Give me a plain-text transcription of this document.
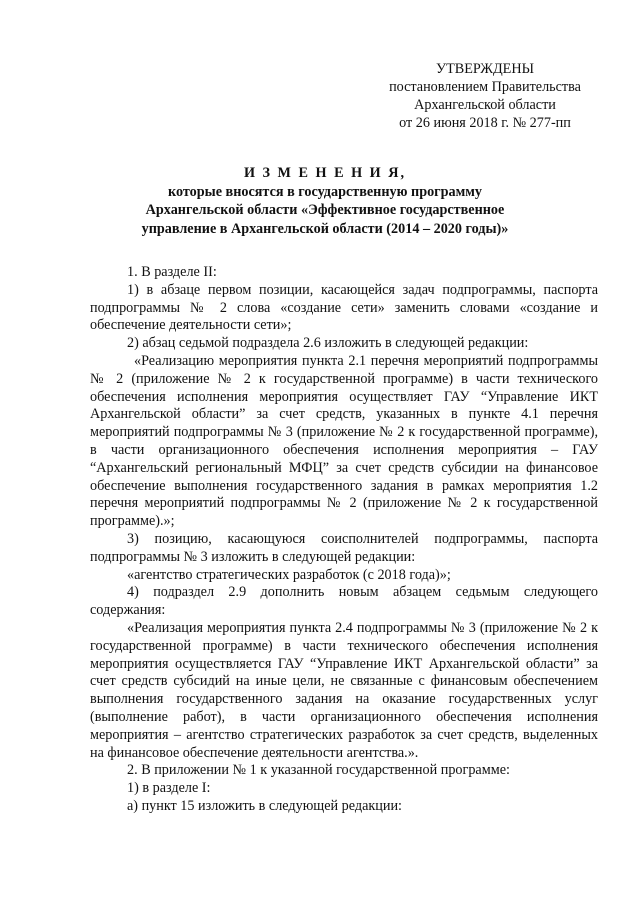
УТВЕРЖДЕНЫ
постановлением Правительства
Архангельской области
от 26 июня 2018 г. № 277-пп
И З М Е Н Е Н И Я,
которые вносятся в государственную программу
Архангельской области «Эффективное государственное
управление в Архангельской области (2014 – 2020 годы)»

1. В разделе II:

1) в абзаце первом позиции, касающейся задач подпрограммы, паспорта подпрограммы № 2 слова «создание сети» заменить словами «создание и обеспечение деятельности сети»;

2) абзац седьмой подраздела 2.6 изложить в следующей редакции:

«Реализацию мероприятия пункта 2.1 перечня мероприятий подпрограммы № 2 (приложение № 2 к государственной программе) в части технического обеспечения исполнения мероприятия осуществляет ГАУ “Управление ИКТ Архангельской области” за счет средств, указанных в пункте 4.1 перечня мероприятий подпрограммы № 3 (приложение № 2 к государственной программе), в части организационного обеспечения исполнения мероприятия – ГАУ “Архангельский региональный МФЦ” за счет средств субсидии на финансовое обеспечение выполнения государственного задания в рамках мероприятия 1.2 перечня мероприятий подпрограммы № 2 (приложение № 2 к государственной программе).»;

3) позицию, касающуюся соисполнителей подпрограммы, паспорта подпрограммы № 3 изложить в следующей редакции:

«агентство стратегических разработок (с 2018 года)»;

4) подраздел 2.9 дополнить новым абзацем седьмым следующего содержания:

«Реализация мероприятия пункта 2.4 подпрограммы № 3 (приложение № 2 к государственной программе) в части технического обеспечения исполнения мероприятия осуществляется ГАУ “Управление ИКТ Архангельской области” за счет средств субсидий на иные цели, не связанные с финансовым обеспечением выполнения государственного задания на оказание государственных услуг (выполнение работ), в части организационного обеспечения исполнения мероприятия – агентство стратегических разработок за счет средств, выделенных на финансовое обеспечение деятельности агентства.».

2. В приложении № 1 к указанной государственной программе:

1) в разделе I:

а) пункт 15 изложить в следующей редакции:
